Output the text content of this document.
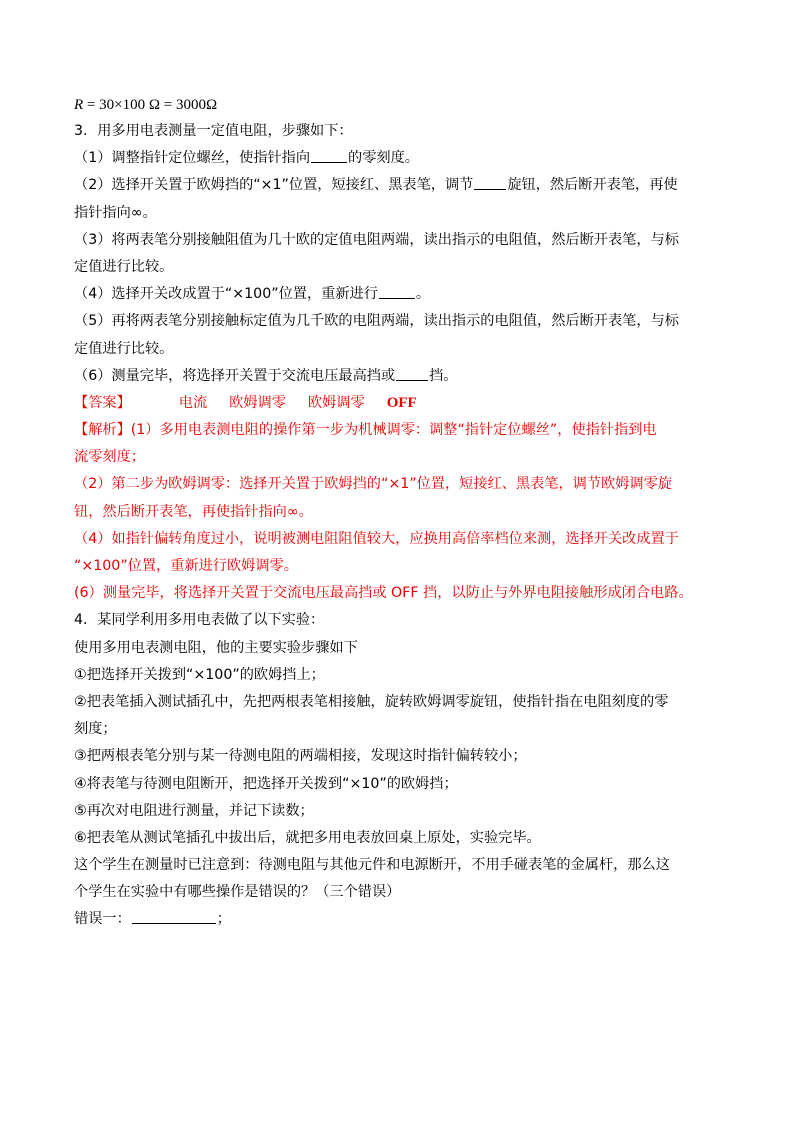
R = 30×100 Ω = 3000Ω
3．用多用电表测量一定值电阻，步骤如下：
（1）调整指针定位螺丝，使指针指向	的零刻度。
（2）选择开关置于欧姆挡的“×1”位置，短接红、黑表笔，调节 旋钮，然后断开表笔，再使
指针指向∞。
（3）将两表笔分别接触阻值为几十欧的定值电阻两端，读出指示的电阻值，然后断开表笔，与标
定值进行比较。
（4）选择开关改成置于“×100”位置，重新进行	。
（5）再将两表笔分别接触标定值为几千欧的电阻两端，读出指示的电阻值，然后断开表笔，与标
定值进行比较。
（6）测量完毕，将选择开关置于交流电压最高挡或 挡。
【答案】	电流 欧姆调零 欧姆调零 OFF
【解析】(1）多用电表测电阻的操作第一步为机械调零：调整“指针定位螺丝”，使指针指到电
流零刻度；
（2）第二步为欧姆调零：选择开关置于欧姆挡的“×1”位置，短接红、黑表笔，调节欧姆调零旋
钮，然后断开表笔，再使指针指向∞。
（4）如指针偏转角度过小，说明被测电阻阻值较大，应换用高倍率档位来测，选择开关改成置于
“×100”位置，重新进行欧姆调零。
(6）测量完毕，将选择开关置于交流电压最高挡或 OFF 挡，以防止与外界电阻接触形成闭合电路。
4．某同学利用多用电表做了以下实验：
使用多用电表测电阻，他的主要实验步骤如下
①把选择开关拨到“×100”的欧姆挡上；
②把表笔插入测试插孔中，先把两根表笔相接触，旋转欧姆调零旋钮，使指针指在电阻刻度的零
刻度；
③把两根表笔分别与某一待测电阻的两端相接，发现这时指针偏转较小；
④将表笔与待测电阻断开，把选择开关拨到“×10”的欧姆挡；
⑤再次对电阻进行测量，并记下读数；
⑥把表笔从测试笔插孔中拔出后，就把多用电表放回桌上原处，实验完毕。
这个学生在测量时已注意到：待测电阻与其他元件和电源断开，不用手碰表笔的金属杆，那么这
个学生在实验中有哪些操作是错误的？（三个错误）
错误一：	；
